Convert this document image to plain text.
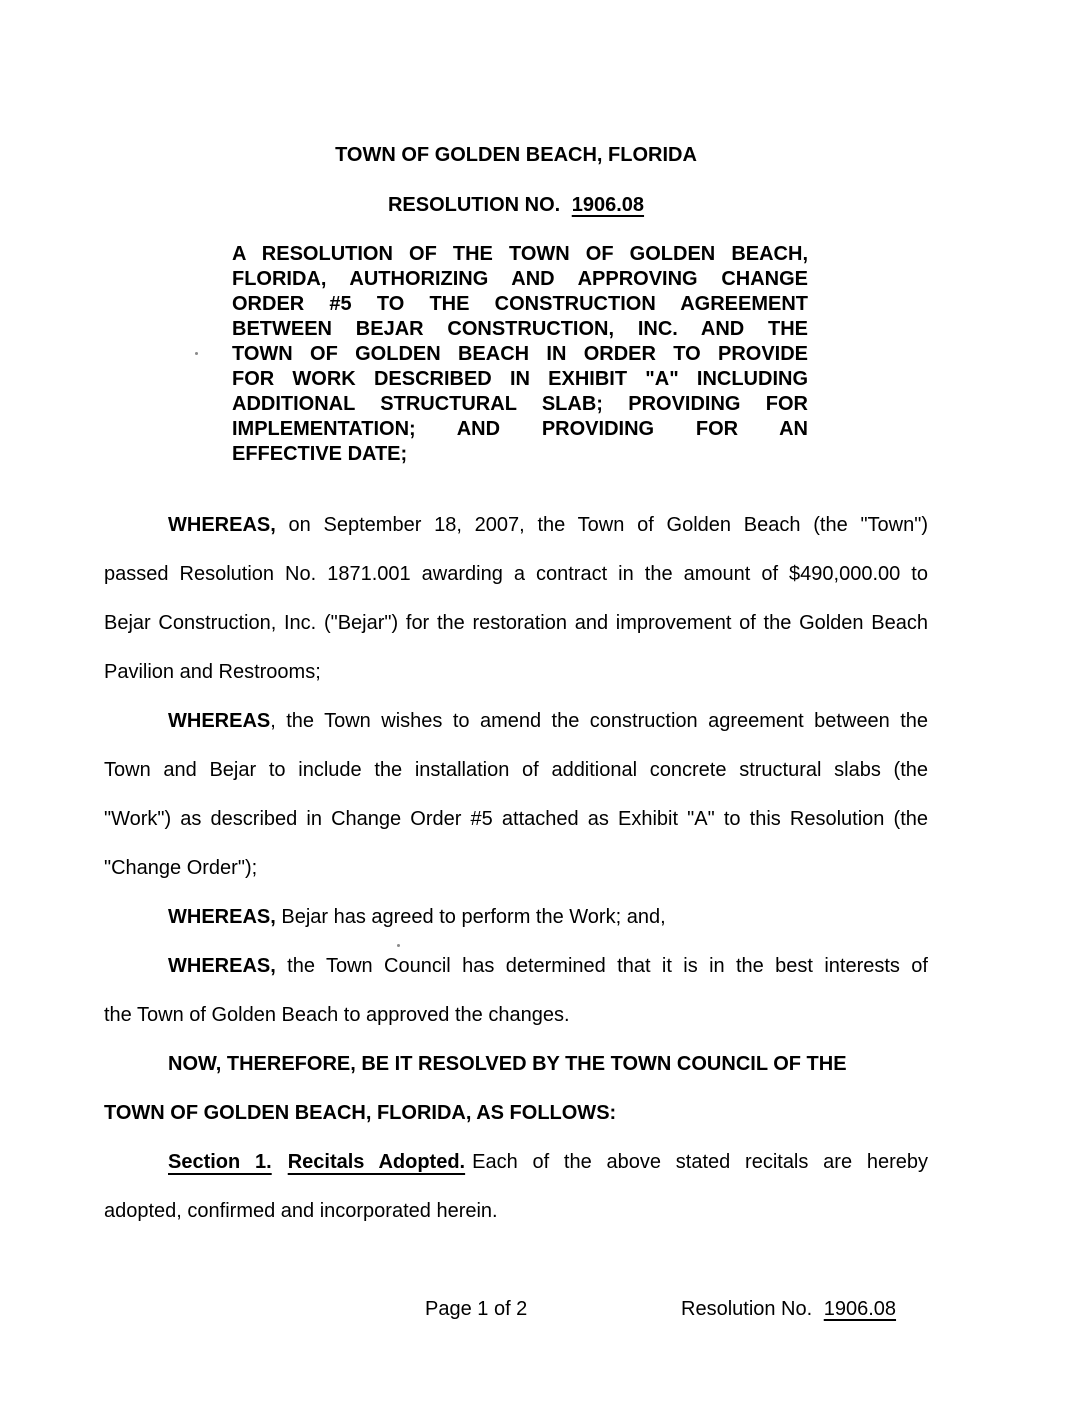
TOWN OF GOLDEN BEACH, FLORIDA
RESOLUTION NO. 1906.08
A RESOLUTION OF THE TOWN OF GOLDEN BEACH,
FLORIDA, AUTHORIZING AND APPROVING CHANGE
ORDER #5 TO THE CONSTRUCTION AGREEMENT
BETWEEN BEJAR CONSTRUCTION, INC. AND THE
TOWN OF GOLDEN BEACH IN ORDER TO PROVIDE
FOR WORK DESCRIBED IN EXHIBIT "A" INCLUDING
ADDITIONAL STRUCTURAL SLAB; PROVIDING FOR
IMPLEMENTATION; AND PROVIDING FOR AN
EFFECTIVE DATE;
WHEREAS, on September 18, 2007, the Town of Golden Beach (the "Town")
passed Resolution No. 1871.001 awarding a contract in the amount of $490,000.00 to
Bejar Construction, Inc. ("Bejar") for the restoration and improvement of the Golden Beach
Pavilion and Restrooms;
WHEREAS, the Town wishes to amend the construction agreement between the
Town and Bejar to include the installation of additional concrete structural slabs (the
"Work") as described in Change Order #5 attached as Exhibit "A" to this Resolution (the
"Change Order");
WHEREAS, Bejar has agreed to perform the Work; and,
WHEREAS, the Town Council has determined that it is in the best interests of
the Town of Golden Beach to approved the changes.
NOW, THEREFORE, BE IT RESOLVED BY THE TOWN COUNCIL OF THE
TOWN OF GOLDEN BEACH, FLORIDA, AS FOLLOWS:
Section 1. Recitals Adopted. Each of the above stated recitals are hereby
adopted, confirmed and incorporated herein.
Page 1 of 2	Resolution No. 1906.08
